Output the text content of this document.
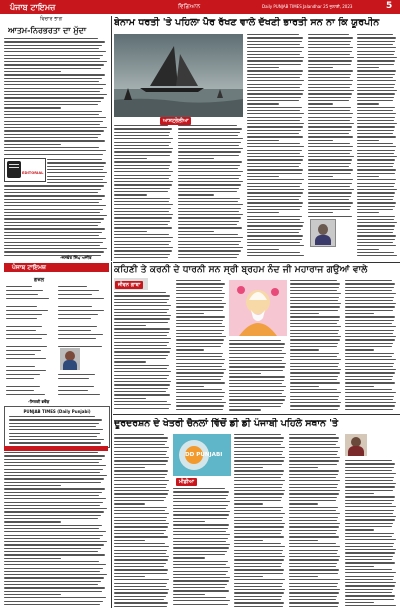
ਪੰਜਾਬ ਟਾਇਮਜ਼	ਵਿਗਿਆਨ	Daily PUNJAB TIMES Jalandhar 25 ਜੁਲਾਈ, 2023	5
ਵਿਚਾਰ ਭਾਗ
ਆਤਮ-ਨਿਰਭਰਤਾ ਦਾ ਮੁੱਦਾ
EDITORIAL
-ਜਸਵੰਤ ਸਿੰਘ ਅਜੀਤ
ਬੇਨਾਮ ਧਰਤੀ 'ਤੇ ਪਹਿਲਾ ਪੈਰ ਰੱਖਣ ਵਾਲੇ ਦੱਖਣੀ ਭਾਰਤੀ ਸਨ ਨਾ ਕਿ ਯੂਰਪੀਨ
ਆਸਟ੍ਰੇਲੀਆ
ਕਹਿਣੀ ਤੇ ਕਰਨੀ ਦੇ ਧਾਰਨੀ ਸਨ ਸ੍ਰੀ ਬ੍ਰਹਮ ਨੰਦ ਜੀ ਮਹਾਰਾਜ ਗਉਆਂ ਵਾਲੇ
ਜੀਵਨ ਗਾਥਾ
ਪੰਜਾਬ ਟਾਇਮਜ਼
ਗਜ਼ਲ
-ਸਿਲਕੀ ਭਦੌੜ
PUNJAB TIMES (Daily Punjabi)
ਦੂਰਦਰਸ਼ਨ ਦੇ ਖੇਤਰੀ ਚੈਨਲਾਂ ਵਿੱਚੋਂ ਡੀ ਡੀ ਪੰਜਾਬੀ ਪਹਿਲੇ ਸਥਾਨ 'ਤੇ
DD PUNJABI
ਮੀਡੀਆ
